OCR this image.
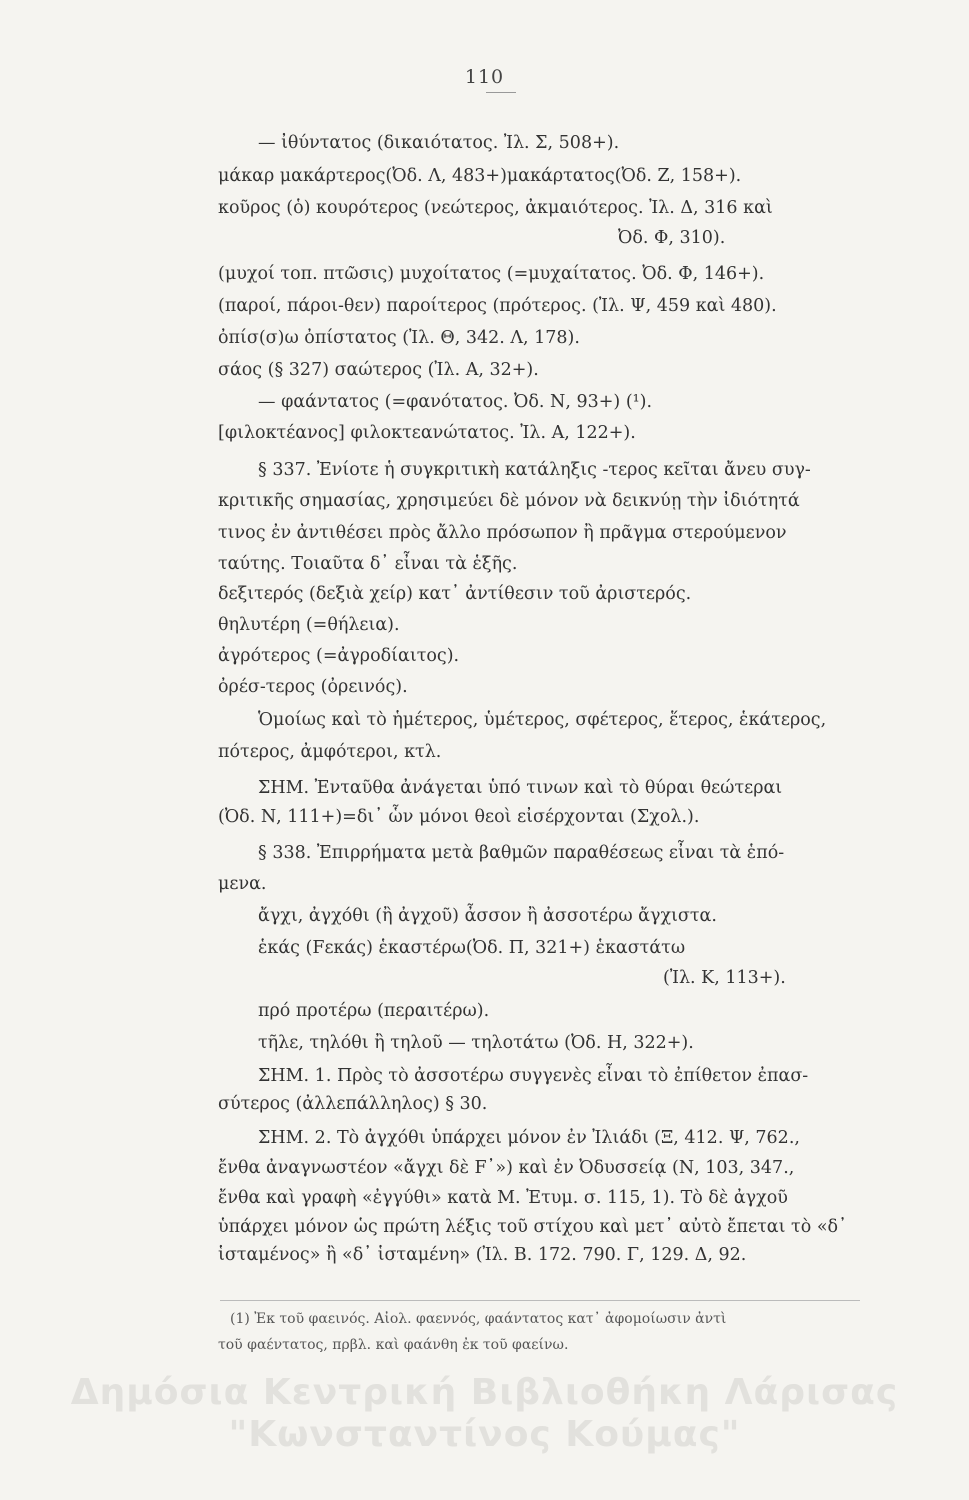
110
— ἰθύντατος (δικαιότατος. Ἰλ. Σ, 508+).
μάκαρ μακάρτερος(Ὀδ. Λ, 483+)μακάρτατος(Ὀδ. Ζ, 158+).
κοῦρος (ὁ) κουρότερος (νεώτερος, ἀκμαιότερος. Ἰλ. Δ, 316 καὶ
Ὀδ. Φ, 310).
(μυχοί τοπ. πτῶσις) μυχοίτατος (=μυχαίτατος. Ὀδ. Φ, 146+).
(παροί, πάροι-θεν) παροίτερος (πρότερος. (Ἰλ. Ψ, 459 καὶ 480).
ὀπίσ(σ)ω ὀπίστατος (Ἰλ. Θ, 342. Λ, 178).
σάος (§ 327) σαώτερος (Ἰλ. Α, 32+).
— φαάντατος (=φανότατος. Ὀδ. Ν, 93+) (¹).
[φιλοκτέανος] φιλοκτεανώτατος. Ἰλ. Α, 122+).
§ 337. Ἐνίοτε ἡ συγκριτικὴ κατάληξις -τερος κεῖται ἄνευ συγ-
κριτικῆς σημασίας, χρησιμεύει δὲ μόνον νὰ δεικνύῃ τὴν ἰδιότητά
τινος ἐν ἀντιθέσει πρὸς ἄλλο πρόσωπον ἢ πρᾶγμα στερούμενον
ταύτης. Τοιαῦτα δ᾽ εἶναι τὰ ἑξῆς.
δεξιτερός (δεξιὰ χείρ) κατ᾽ ἀντίθεσιν τοῦ ἀριστερός.
θηλυτέρη (=θήλεια).
ἀγρότερος (=ἀγροδίαιτος).
ὀρέσ-τερος (ὀρεινός).
Ὁμοίως καὶ τὸ ἡμέτερος, ὑμέτερος, σφέτερος, ἕτερος, ἑκάτερος,
πότερος, ἀμφότεροι, κτλ.
ΣΗΜ. Ἐνταῦθα ἀνάγεται ὑπό τινων καὶ τὸ θύραι θεώτεραι
(Ὀδ. Ν, 111+)=δι᾽ ὧν μόνοι θεοὶ εἰσέρχονται (Σχολ.).
§ 338. Ἐπιρρήματα μετὰ βαθμῶν παραθέσεως εἶναι τὰ ἑπό-
μενα.
ἄγχι, ἀγχόθι (ἢ ἀγχοῦ) ἆσσον ἢ ἀσσοτέρω ἄγχιστα.
ἑκάς (Fεκάς) ἑκαστέρω(Ὀδ. Π, 321+) ἑκαστάτω
(Ἰλ. Κ, 113+).
πρό προτέρω (περαιτέρω).
τῆλε, τηλόθι ἢ τηλοῦ — τηλοτάτω (Ὀδ. Η, 322+).
ΣΗΜ. 1. Πρὸς τὸ ἀσσοτέρω συγγενὲς εἶναι τὸ ἐπίθετον ἐπασ-
σύτερος (ἀλλεπάλληλος) § 30.
ΣΗΜ. 2. Τὸ ἀγχόθι ὑπάρχει μόνον ἐν Ἰλιάδι (Ξ, 412. Ψ, 762.,
ἔνθα ἀναγνωστέον «ἄγχι δὲ F᾽») καὶ ἐν Ὀδυσσείᾳ (Ν, 103, 347.,
ἔνθα καὶ γραφὴ «ἐγγύθι» κατὰ Μ. Ἐτυμ. σ. 115, 1). Τὸ δὲ ἀγχοῦ
ὑπάρχει μόνον ὡς πρώτη λέξις τοῦ στίχου καὶ μετ᾽ αὐτὸ ἔπεται τὸ «δ᾽
ἱσταμένος» ἢ «δ᾽ ἱσταμένη» (Ἰλ. Β. 172. 790. Γ, 129. Δ, 92.
(1) Ἐκ τοῦ φαεινός. Αἰολ. φαεννός, φαάντατος κατ᾽ ἀφομοίωσιν ἀντὶ
τοῦ φαέντατος, πρβλ. καὶ φαάνθη ἐκ τοῦ φαείνω.
Δημόσια Κεντρική Βιβλιοθήκη Λάρισας
"Κωνσταντίνος Κούμας"
